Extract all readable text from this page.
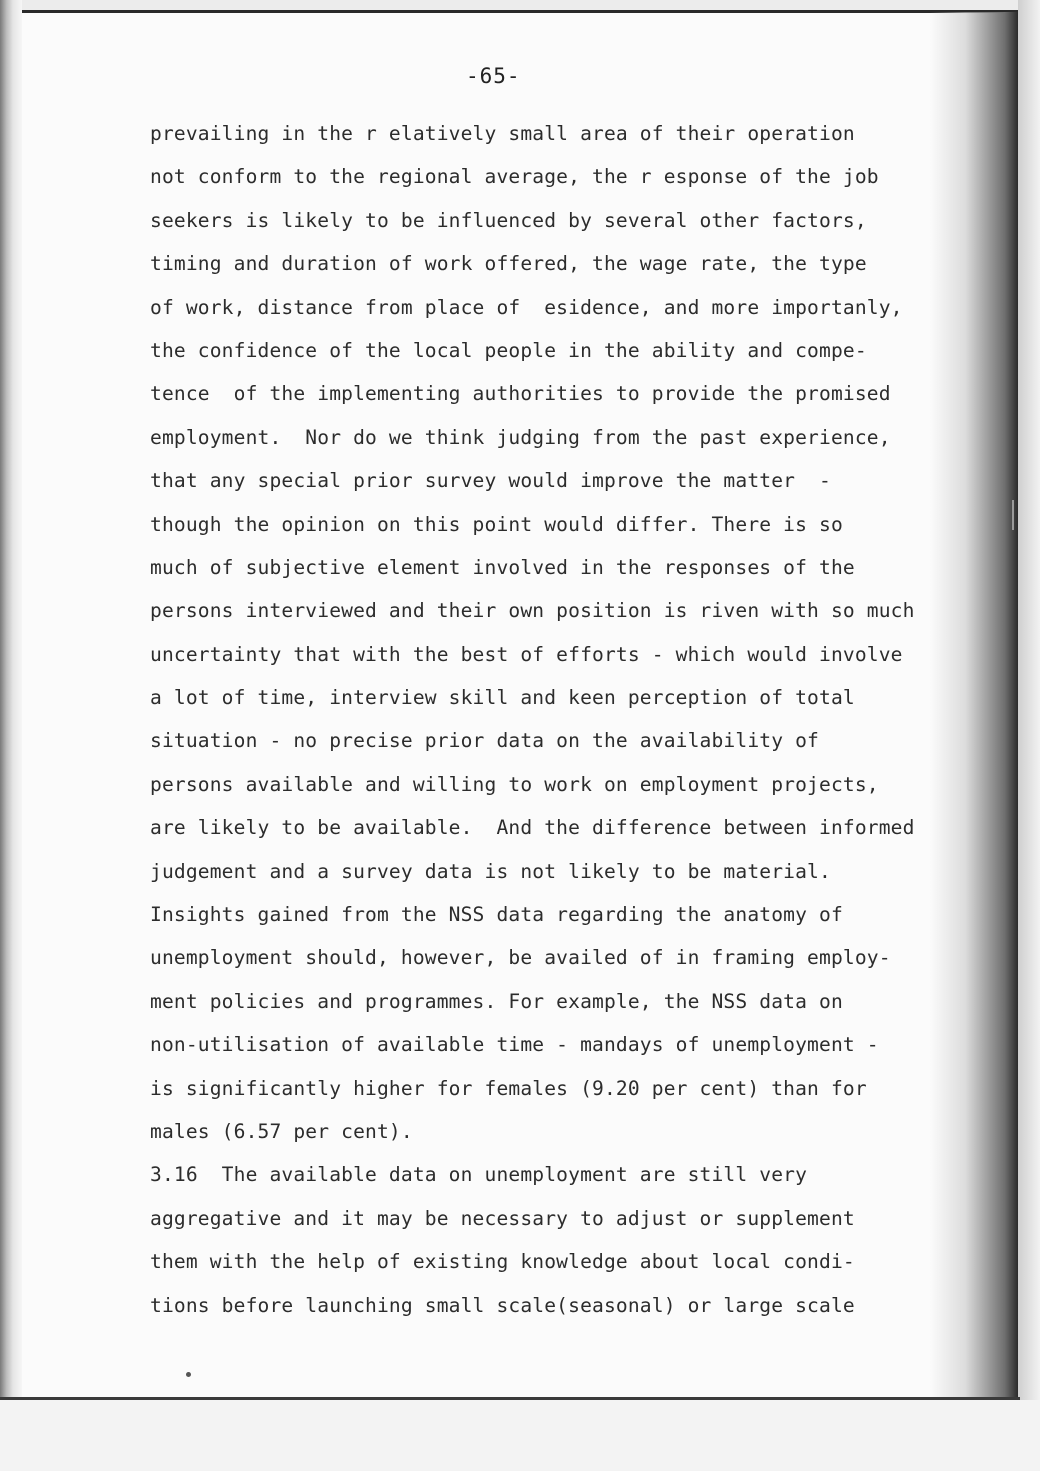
-65-
prevailing in the r elatively small area of their operation
not conform to the regional average, the r esponse of the job
seekers is likely to be influenced by several other factors,
timing and duration of work offered, the wage rate, the type
of work, distance from place of  esidence, and more importanly,
the confidence of the local people in the ability and compe-
tence  of the implementing authorities to provide the promised
employment.  Nor do we think judging from the past experience,
that any special prior survey would improve the matter  -
though the opinion on this point would differ. There is so
much of subjective element involved in the responses of the
persons interviewed and their own position is riven with so much
uncertainty that with the best of efforts - which would involve
a lot of time, interview skill and keen perception of total
situation - no precise prior data on the availability of
persons available and willing to work on employment projects,
are likely to be available.  And the difference between informed
judgement and a survey data is not likely to be material.
Insights gained from the NSS data regarding the anatomy of
unemployment should, however, be availed of in framing employ-
ment policies and programmes. For example, the NSS data on
non-utilisation of available time - mandays of unemployment -
is significantly higher for females (9.20 per cent) than for
males (6.57 per cent).
3.16  The available data on unemployment are still very
aggregative and it may be necessary to adjust or supplement
them with the help of existing knowledge about local condi-
tions before launching small scale(seasonal) or large scale
